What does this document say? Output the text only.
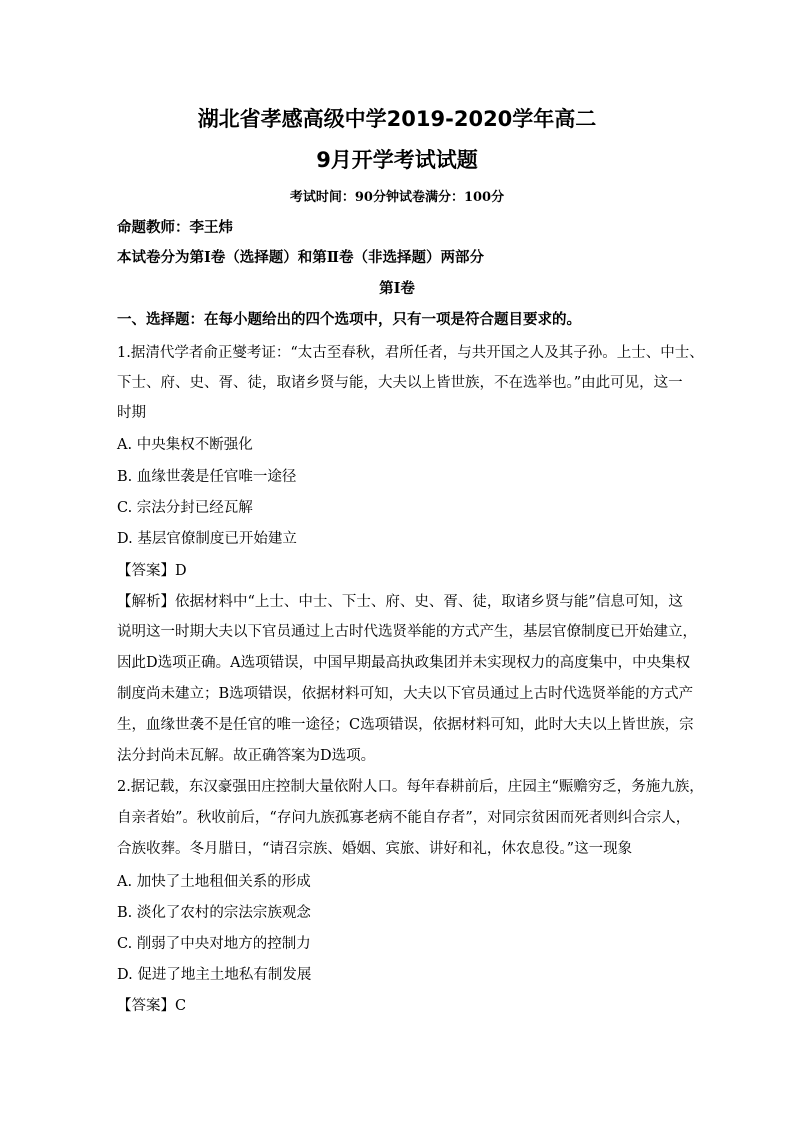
湖北省孝感高级中学2019-2020学年高二
9月开学考试试题
考试时间：90分钟试卷满分：100分
命题教师：李王炜
本试卷分为第Ⅰ卷（选择题）和第Ⅱ卷（非选择题）两部分
第Ⅰ卷
一、选择题：在每小题给出的四个选项中，只有一项是符合题目要求的。
1.据清代学者俞正燮考证：“太古至春秋，君所任者，与共开国之人及其子孙。上士、中士、
下士、府、史、胥、徒，取诸乡贤与能，大夫以上皆世族，不在选举也。”由此可见，这一
时期
A. 中央集权不断强化
B. 血缘世袭是任官唯一途径
C. 宗法分封已经瓦解
D. 基层官僚制度已开始建立
【答案】D
【解析】依据材料中“上士、中士、下士、府、史、胥、徒，取诸乡贤与能”信息可知，这
说明这一时期大夫以下官员通过上古时代选贤举能的方式产生，基层官僚制度已开始建立，
因此D选项正确。A选项错误，中国早期最高执政集团并未实现权力的高度集中，中央集权
制度尚未建立；B选项错误，依据材料可知，大夫以下官员通过上古时代选贤举能的方式产
生，血缘世袭不是任官的唯一途径；C选项错误，依据材料可知，此时大夫以上皆世族，宗
法分封尚未瓦解。故正确答案为D选项。
2.据记载，东汉豪强田庄控制大量依附人口。每年春耕前后，庄园主“赈赡穷乏，务施九族，
自亲者始”。秋收前后，“存问九族孤寡老病不能自存者”，对同宗贫困而死者则纠合宗人，
合族收葬。冬月腊日，“请召宗族、婚姻、宾旅、讲好和礼，休农息役。”这一现象
A. 加快了土地租佃关系的形成
B. 淡化了农村的宗法宗族观念
C. 削弱了中央对地方的控制力
D. 促进了地主土地私有制发展
【答案】C
